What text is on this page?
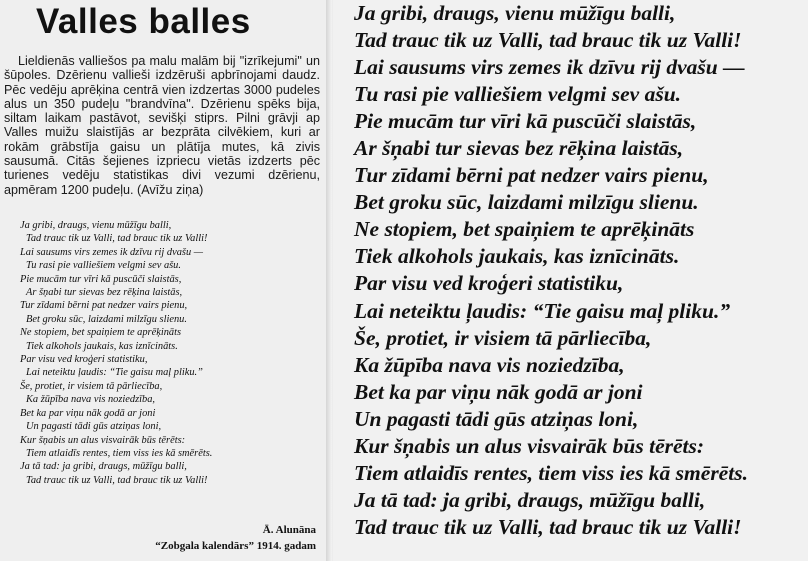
Valles balles

Lieldienās valliešos pa malu malām bij "izrīkejumi" un šūpoles. Dzērienu vallieši izdzēruši apbrīnojami daudz. Pēc vedēju aprēķina centrā vien izdzertas 3000 pudeles alus un 350 pudeļu "brandvīna". Dzērienu spēks bija, siltam laikam pastāvot, sevišķi stiprs. Pilni grāvji ap Valles muižu slaistījās ar bezprāta cilvēkiem, kuri ar rokām grābstīja gaisu un plātīja mutes, kā zivis sausumā. Citās šejienes izpriecu vietās izdzerts pēc turienes vedēju statistikas divi vezumi dzērienu, apmēram 1200 pudeļu. (Avīžu ziņa)

Ja gribi, draugs, vienu mūžīgu balli,
Tad trauc tik uz Valli, tad brauc tik uz Valli!
Lai sausums virs zemes ik dzīvu rij dvašu —
Tu rasi pie valliešiem velgmi sev ašu.
Pie mucām tur vīri kā puscūči slaistās,
Ar šņabi tur sievas bez rēķina laistās,
Tur zīdami bērni pat nedzer vairs pienu,
Bet groku sūc, laizdami milzīgu slienu.
Ne stopiem, bet spaiņiem te aprēķināts
Tiek alkohols jaukais, kas iznīcināts.
Par visu ved kroģeri statistiku,
Lai neteiktu ļaudis: “Tie gaisu maļ pliku.”
Še, protiet, ir visiem tā pārliecība,
Ka žūpība nava vis noziedzība,
Bet ka par viņu nāk godā ar joni
Un pagasti tādi gūs atziņas loni,
Kur šņabis un alus visvairāk būs tērēts:
Tiem atlaidīs rentes, tiem viss ies kā smērēts.
Ja tā tad: ja gribi, draugs, mūžīgu balli,
Tad trauc tik uz Valli, tad brauc tik uz Valli!
Ā. Alunāna
“Zobgala kalendārs” 1914. gadam
Ja gribi, draugs, vienu mūžīgu balli,
Tad trauc tik uz Valli, tad brauc tik uz Valli!
Lai sausums virs zemes ik dzīvu rij dvašu —
Tu rasi pie valliešiem velgmi sev ašu.
Pie mucām tur vīri kā puscūči slaistās,
Ar šņabi tur sievas bez rēķina laistās,
Tur zīdami bērni pat nedzer vairs pienu,
Bet groku sūc, laizdami milzīgu slienu.
Ne stopiem, bet spaiņiem te aprēķināts
Tiek alkohols jaukais, kas iznīcināts.
Par visu ved kroģeri statistiku,
Lai neteiktu ļaudis: “Tie gaisu maļ pliku.”
Še, protiet, ir visiem tā pārliecība,
Ka žūpība nava vis noziedzība,
Bet ka par viņu nāk godā ar joni
Un pagasti tādi gūs atziņas loni,
Kur šņabis un alus visvairāk būs tērēts:
Tiem atlaidīs rentes, tiem viss ies kā smērēts.
Ja tā tad: ja gribi, draugs, mūžīgu balli,
Tad trauc tik uz Valli, tad brauc tik uz Valli!
